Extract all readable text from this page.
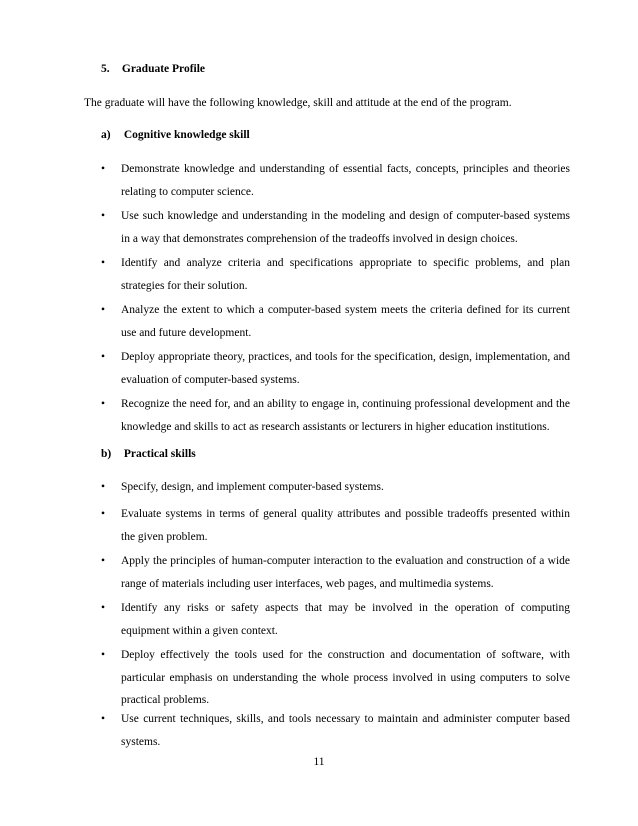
5. Graduate Profile
The graduate will have the following knowledge, skill and attitude at the end of the program.
a) Cognitive knowledge skill
•	Demonstrate knowledge and understanding of essential facts, concepts, principles and theories relating to computer science.
•	Use such knowledge and understanding in the modeling and design of computer-based systems in a way that demonstrates comprehension of the tradeoffs involved in design choices.
•	Identify and analyze criteria and specifications appropriate to specific problems, and plan strategies for their solution.
•	Analyze the extent to which a computer-based system meets the criteria defined for its current use and future development.
•	Deploy appropriate theory, practices, and tools for the specification, design, implementation, and evaluation of computer-based systems.
•	Recognize the need for, and an ability to engage in, continuing professional development and the knowledge and skills to act as research assistants or lecturers in higher education institutions.
b) Practical skills
•	Specify, design, and implement computer-based systems.
•	Evaluate systems in terms of general quality attributes and possible tradeoffs presented within the given problem.
•	Apply the principles of human-computer interaction to the evaluation and construction of a wide range of materials including user interfaces, web pages, and multimedia systems.
•	Identify any risks or safety aspects that may be involved in the operation of computing equipment within a given context.
•	Deploy effectively the tools used for the construction and documentation of software, with particular emphasis on understanding the whole process involved in using computers to solve practical problems.
•	Use current techniques, skills, and tools necessary to maintain and administer computer based systems.
11
